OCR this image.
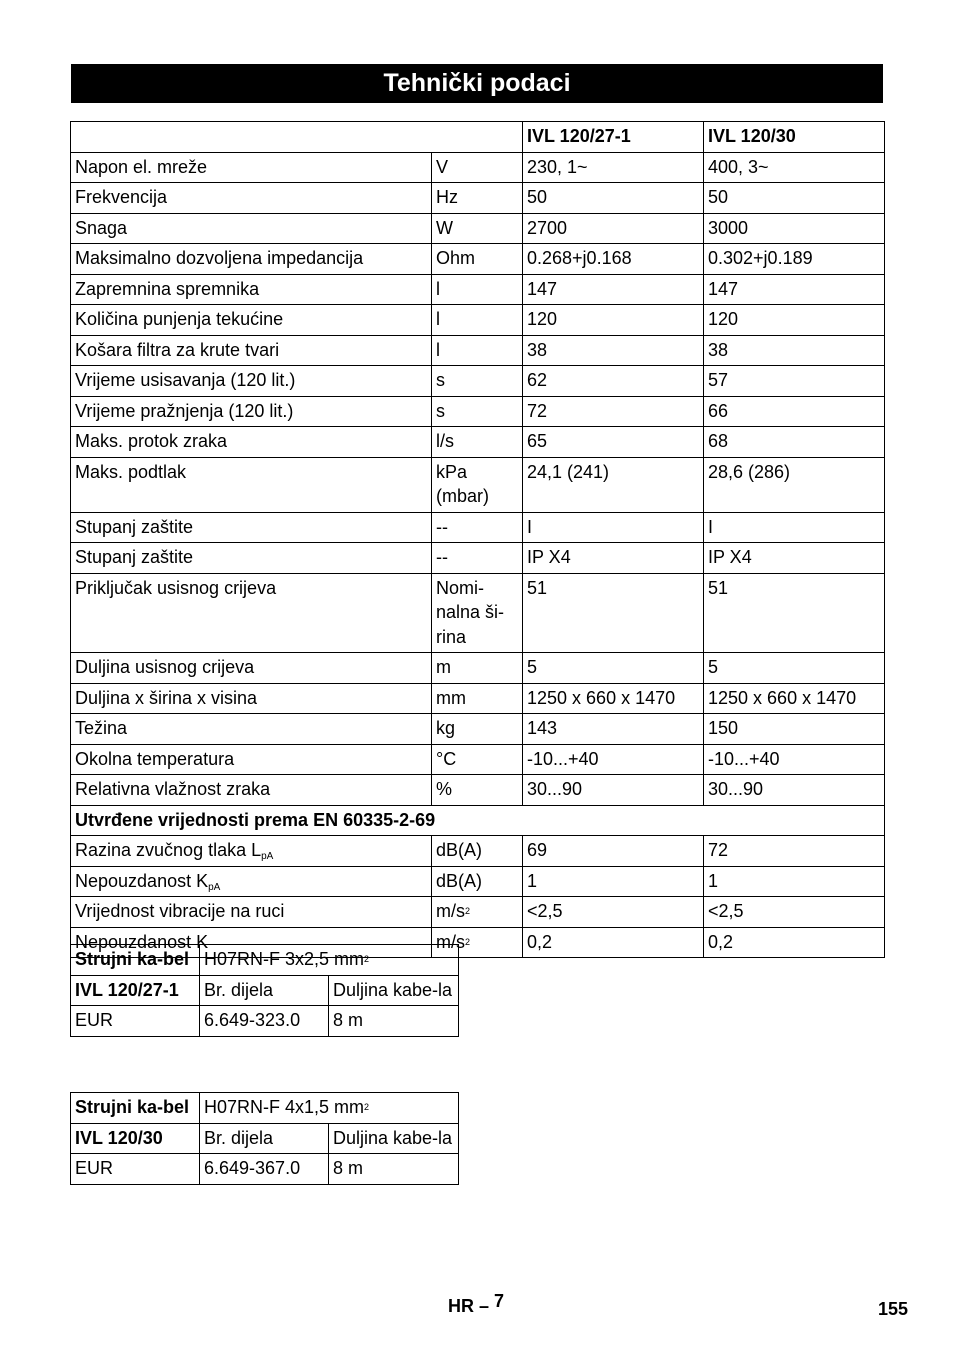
Tehnički podaci
		IVL 120/27-1	IVL 120/30
Napon el. mreže	V	230, 1~	400, 3~
Frekvencija	Hz	50	50
Snaga	W	2700	3000
Maksimalno dozvoljena impedancija	Ohm	0.268+j0.168	0.302+j0.189
Zapremnina spremnika	l	147	147
Količina punjenja tekućine	l	120	120
Košara filtra za krute tvari	l	38	38
Vrijeme usisavanja (120 lit.)	s	62	57
Vrijeme pražnjenja (120 lit.)	s	72	66
Maks. protok zraka	l/s	65	68
Maks. podtlak	kPa (mbar)	24,1 (241)	28,6 (286)
Stupanj zaštite	--	I	I
Stupanj zaštite	--	IP X4	IP X4
Priključak usisnog crijeva	Nomi-nalna ši-rina	51	51
Duljina usisnog crijeva	m	5	5
Duljina x širina x visina	mm	1250 x 660 x 1470	1250 x 660 x 1470
Težina	kg	143	150
Okolna temperatura	°C	-10...+40	-10...+40
Relativna vlažnost zraka	%	30...90	30...90
Utvrđene vrijednosti prema EN 60335-2-69			
Razina zvučnog tlaka $L_{pA}$	dB(A)	69	72
Nepouzdanost $K_{pA}$	dB(A)	1	1
Vrijednost vibracije na ruci	$m/s^2$	<2,5	<2,5
Nepouzdanost K	$m/s^2$	0,2	0,2
Strujni ka-bel	H07RN-F 3x2,5 $mm^2$
IVL 120/27-1	Br. dijela	Duljina kabe-la
EUR	6.649-323.0	8 m
Strujni ka-bel	H07RN-F 4x1,5 $mm^2$
IVL 120/30	Br. dijela	Duljina kabe-la
EUR	6.649-367.0	8 m
HR – 7	155
